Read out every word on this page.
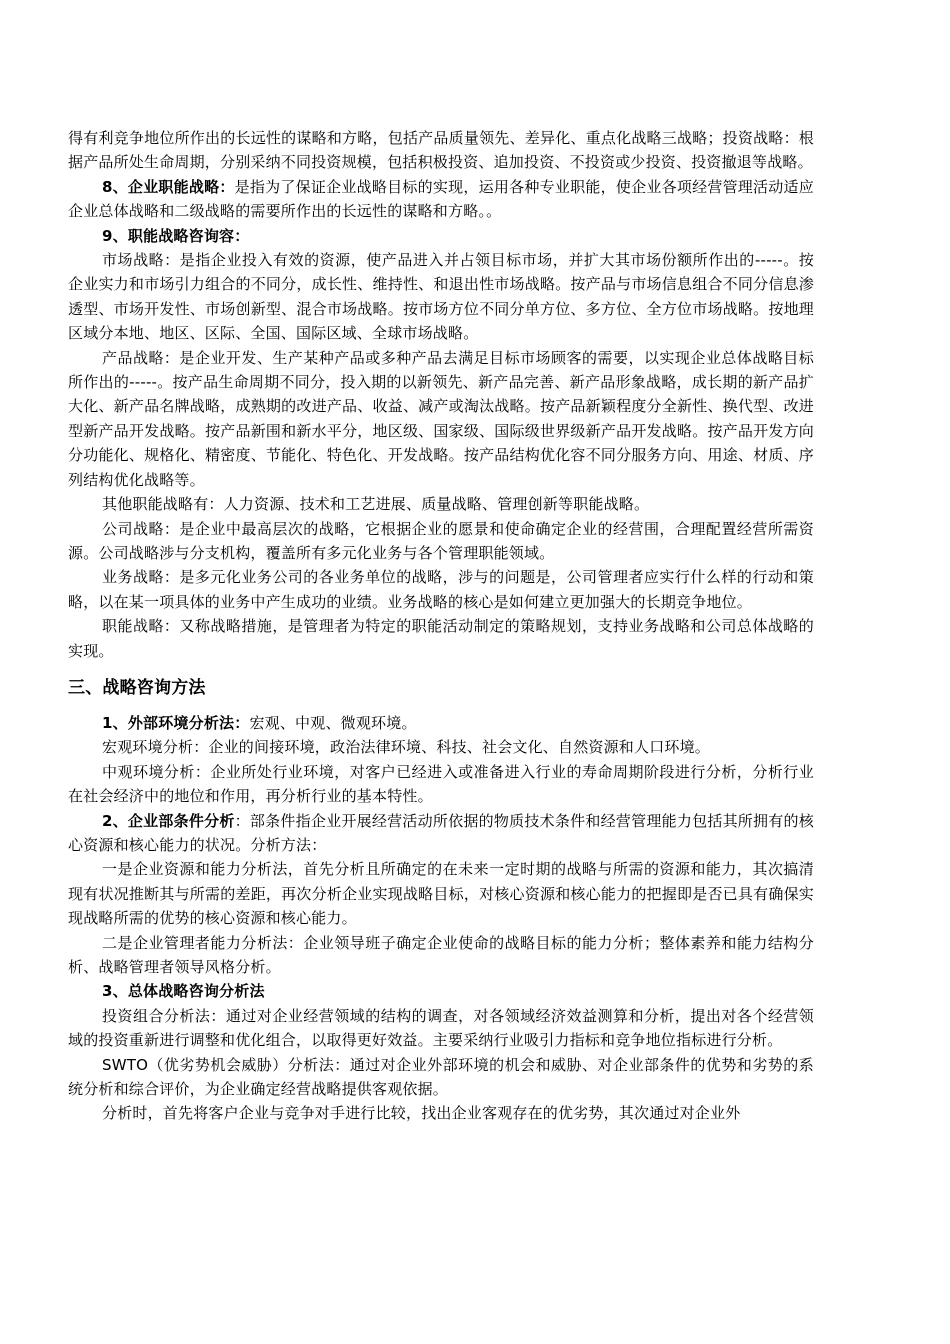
得有利竞争地位所作出的长远性的谋略和方略，包括产品质量领先、差异化、重点化战略三战略；投资战略：根据产品所处生命周期，分别采纳不同投资规模，包括积极投资、追加投资、不投资或少投资、投资撤退等战略。

8、企业职能战略：是指为了保证企业战略目标的实现，运用各种专业职能，使企业各项经营管理活动适应企业总体战略和二级战略的需要所作出的长远性的谋略和方略。。

9、职能战略咨询容：

市场战略：是指企业投入有效的资源，使产品进入并占领目标市场，并扩大其市场份额所作出的-----。按企业实力和市场引力组合的不同分，成长性、维持性、和退出性市场战略。按产品与市场信息组合不同分信息渗透型、市场开发性、市场创新型、混合市场战略。按市场方位不同分单方位、多方位、全方位市场战略。按地理区域分本地、地区、区际、全国、国际区域、全球市场战略。

产品战略：是企业开发、生产某种产品或多种产品去满足目标市场顾客的需要，以实现企业总体战略目标所作出的-----。按产品生命周期不同分，投入期的以新领先、新产品完善、新产品形象战略，成长期的新产品扩大化、新产品名牌战略，成熟期的改进产品、收益、减产或淘汰战略。按产品新颖程度分全新性、换代型、改进型新产品开发战略。按产品新围和新水平分，地区级、国家级、国际级世界级新产品开发战略。按产品开发方向分功能化、规格化、精密度、节能化、特色化、开发战略。按产品结构优化容不同分服务方向、用途、材质、序列结构优化战略等。

其他职能战略有：人力资源、技术和工艺进展、质量战略、管理创新等职能战略。

公司战略：是企业中最高层次的战略，它根据企业的愿景和使命确定企业的经营围，合理配置经营所需资源。公司战略涉与分支机构，覆盖所有多元化业务与各个管理职能领域。

业务战略：是多元化业务公司的各业务单位的战略，涉与的问题是，公司管理者应实行什么样的行动和策略，以在某一项具体的业务中产生成功的业绩。业务战略的核心是如何建立更加强大的长期竞争地位。

职能战略：又称战略措施，是管理者为特定的职能活动制定的策略规划，支持业务战略和公司总体战略的实现。

三、战略咨询方法

1、外部环境分析法：宏观、中观、微观环境。

宏观环境分析：企业的间接环境，政治法律环境、科技、社会文化、自然资源和人口环境。

中观环境分析：企业所处行业环境，对客户已经进入或准备进入行业的寿命周期阶段进行分析，分析行业在社会经济中的地位和作用，再分析行业的基本特性。

2、企业部条件分析：部条件指企业开展经营活动所依据的物质技术条件和经营管理能力包括其所拥有的核心资源和核心能力的状况。分析方法：

一是企业资源和能力分析法，首先分析且所确定的在未来一定时期的战略与所需的资源和能力，其次搞清现有状况推断其与所需的差距，再次分析企业实现战略目标，对核心资源和核心能力的把握即是否已具有确保实现战略所需的优势的核心资源和核心能力。

二是企业管理者能力分析法：企业领导班子确定企业使命的战略目标的能力分析；整体素养和能力结构分析、战略管理者领导风格分析。

3、总体战略咨询分析法

投资组合分析法：通过对企业经营领域的结构的调查，对各领域经济效益测算和分析，提出对各个经营领域的投资重新进行调整和优化组合，以取得更好效益。主要采纳行业吸引力指标和竞争地位指标进行分析。

SWTO（优劣势机会威胁）分析法：通过对企业外部环境的机会和威胁、对企业部条件的优势和劣势的系统分析和综合评价，为企业确定经营战略提供客观依据。

分析时，首先将客户企业与竞争对手进行比较，找出企业客观存在的优劣势，其次通过对企业外
